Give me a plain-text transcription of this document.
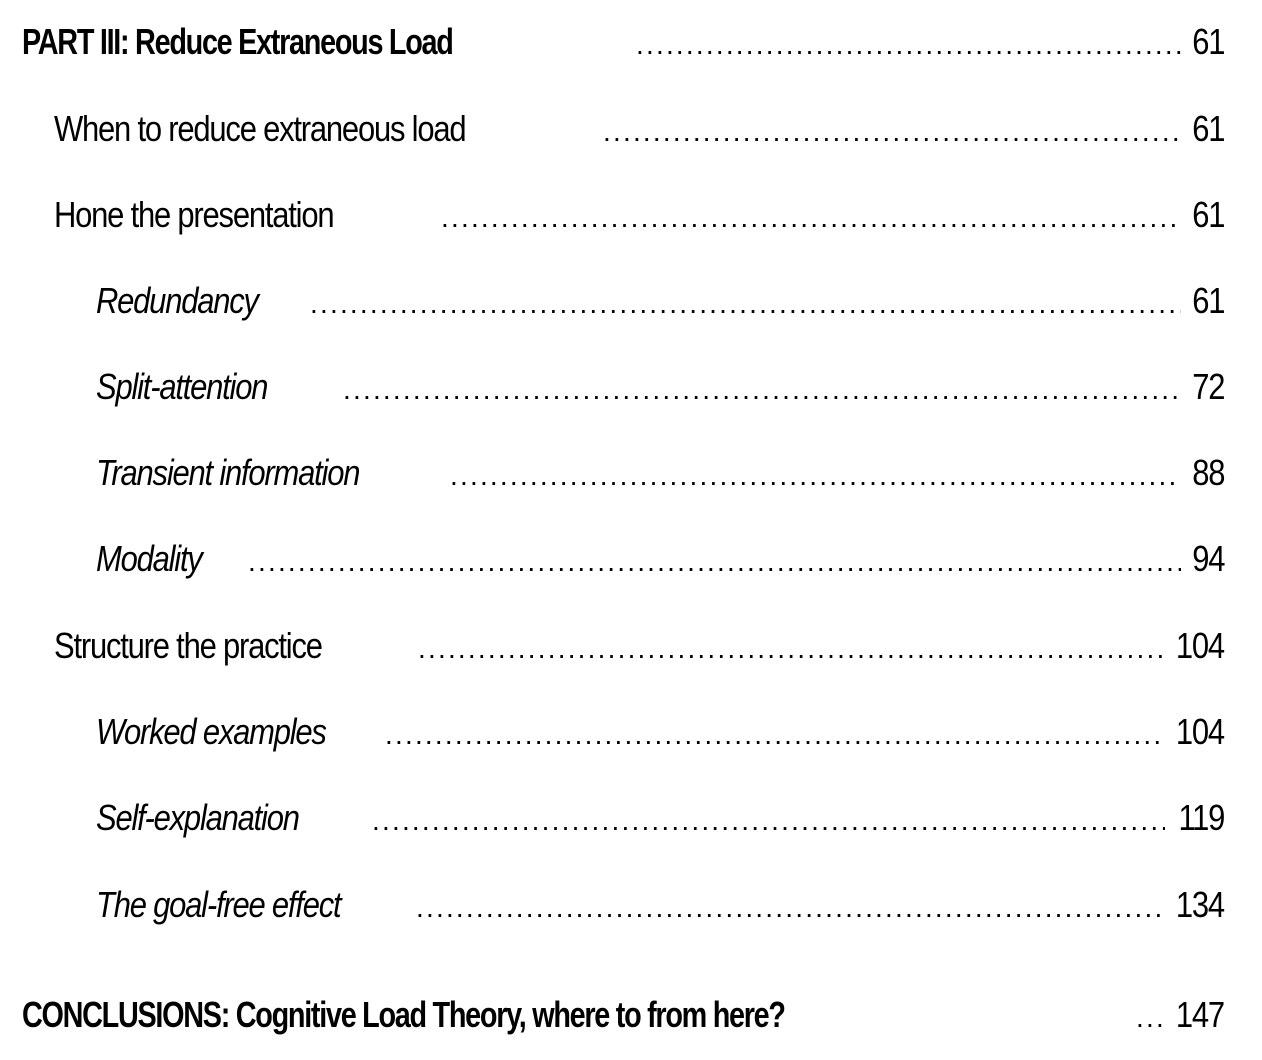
PART III: Reduce Extraneous Load .....	61
When to reduce extraneous load .....	61
Hone the presentation .....	61
Redundancy .....	61
Split-attention .....	72
Transient information .....	88
Modality .....	94
Structure the practice .....	104
Worked examples .....	104
Self-explanation .....	119
The goal-free effect .....	134
CONCLUSIONS: Cognitive Load Theory, where to from here? .....	147
